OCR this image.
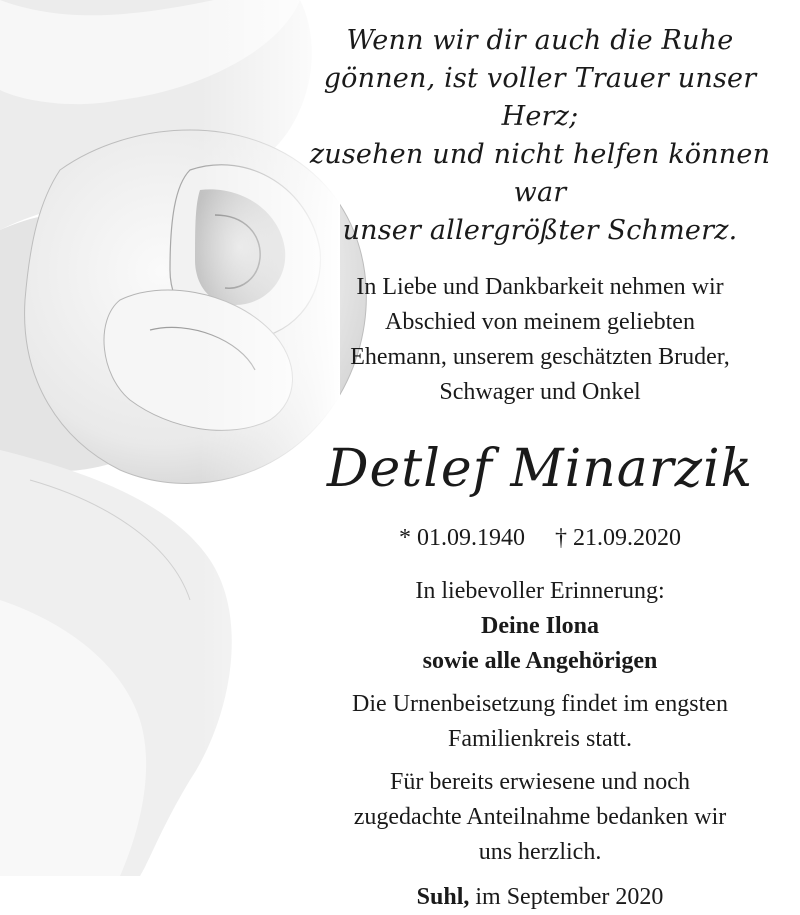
Wenn wir dir auch die Ruhe
gönnen, ist voller Trauer unser Herz;
zusehen und nicht helfen können war
unser allergrößter Schmerz.
In Liebe und Dankbarkeit nehmen wir
Abschied von meinem geliebten
Ehemann, unserem geschätzten Bruder,
Schwager und Onkel
Detlef Minarzik
* 01.09.1940 † 21.09.2020
In liebevoller Erinnerung:
Deine Ilona
sowie alle Angehörigen
Die Urnenbeisetzung findet im engsten
Familienkreis statt.
Für bereits erwiesene und noch
zugedachte Anteilnahme bedanken wir
uns herzlich.
Suhl, im September 2020
